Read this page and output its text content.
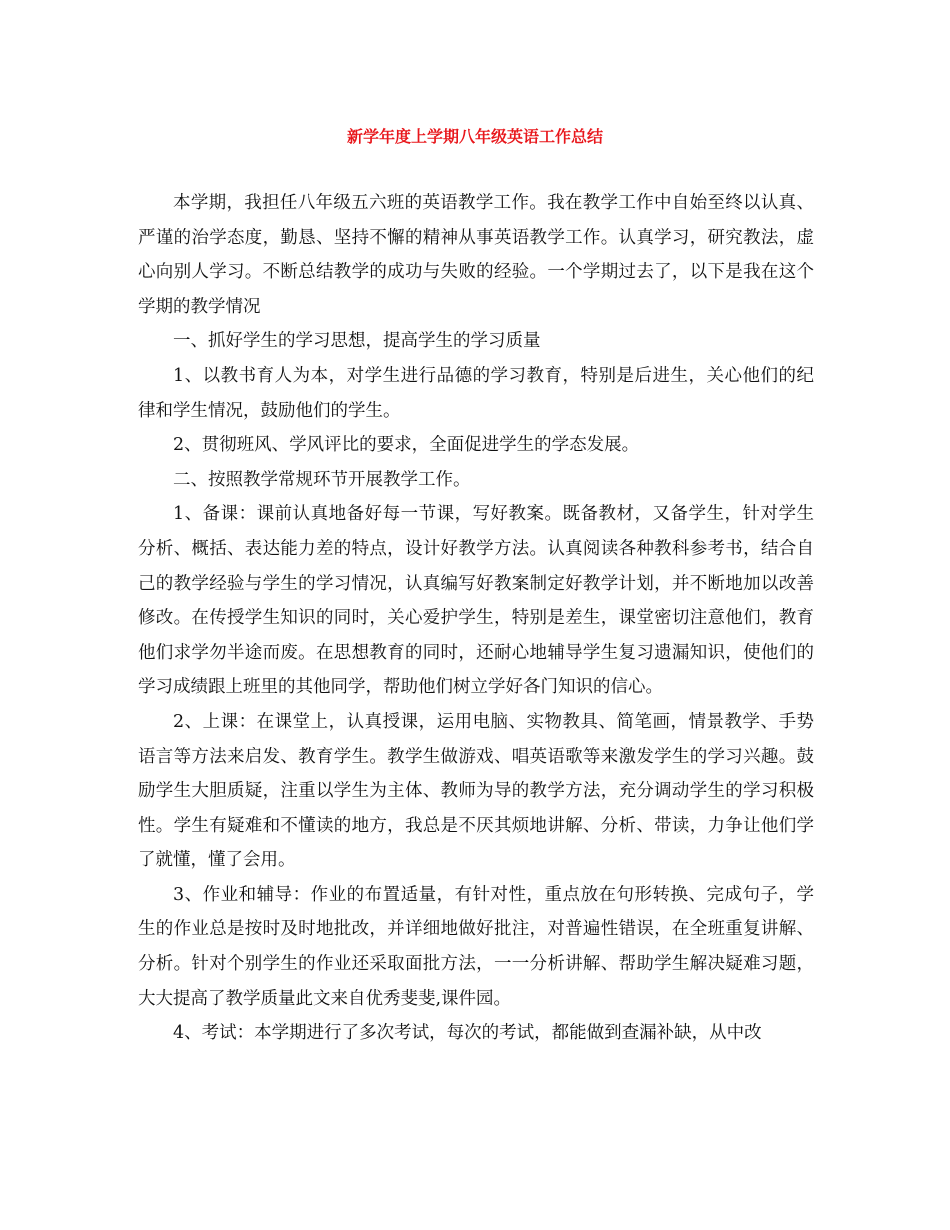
新学年度上学期八年级英语工作总结

本学期，我担任八年级五六班的英语教学工作。我在教学工作中自始至终以认真、严谨的治学态度，勤恳、坚持不懈的精神从事英语教学工作。认真学习，研究教法，虚心向别人学习。不断总结教学的成功与失败的经验。一个学期过去了，以下是我在这个学期的教学情况

一、抓好学生的学习思想，提高学生的学习质量

1、以教书育人为本，对学生进行品德的学习教育，特别是后进生，关心他们的纪律和学生情况，鼓励他们的学生。

2、贯彻班风、学风评比的要求，全面促进学生的学态发展。

二、按照教学常规环节开展教学工作。

1、备课：课前认真地备好每一节课，写好教案。既备教材，又备学生，针对学生分析、概括、表达能力差的特点，设计好教学方法。认真阅读各种教科参考书，结合自己的教学经验与学生的学习情况，认真编写好教案制定好教学计划，并不断地加以改善修改。在传授学生知识的同时，关心爱护学生，特别是差生，课堂密切注意他们，教育他们求学勿半途而废。在思想教育的同时，还耐心地辅导学生复习遗漏知识，使他们的学习成绩跟上班里的其他同学，帮助他们树立学好各门知识的信心。

2、上课：在课堂上，认真授课，运用电脑、实物教具、简笔画，情景教学、手势语言等方法来启发、教育学生。教学生做游戏、唱英语歌等来激发学生的学习兴趣。鼓励学生大胆质疑，注重以学生为主体、教师为导的教学方法，充分调动学生的学习积极性。学生有疑难和不懂读的地方，我总是不厌其烦地讲解、分析、带读，力争让他们学了就懂，懂了会用。

3、作业和辅导：作业的布置适量，有针对性，重点放在句形转换、完成句子，学生的作业总是按时及时地批改，并详细地做好批注，对普遍性错误，在全班重复讲解、分析。针对个别学生的作业还采取面批方法，一一分析讲解、帮助学生解决疑难习题，大大提高了教学质量此文来自优秀斐斐,课件园。

4、考试：本学期进行了多次考试，每次的考试，都能做到查漏补缺，从中改
